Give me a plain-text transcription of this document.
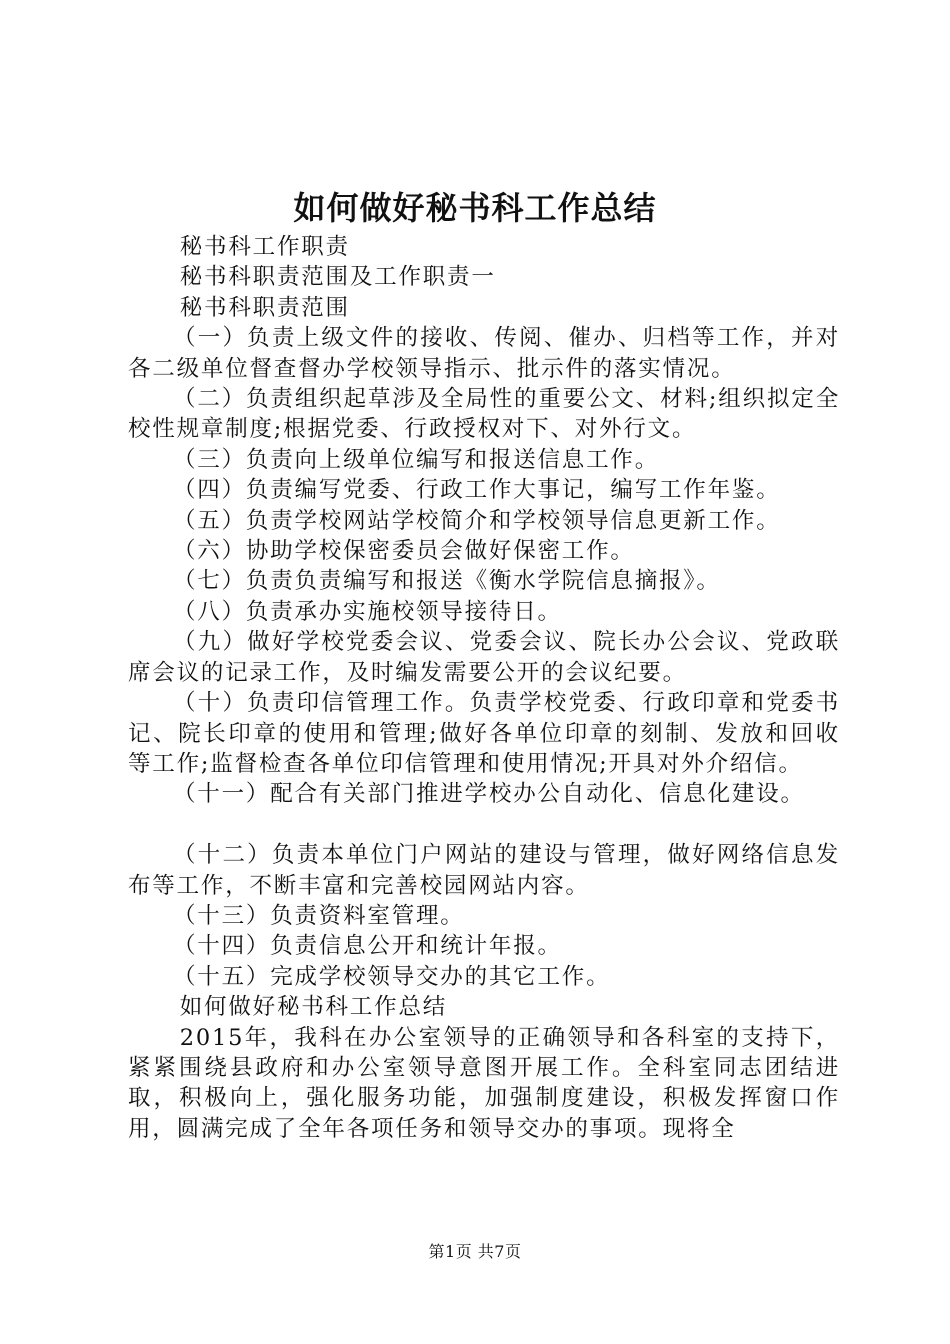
如何做好秘书科工作总结

秘书科工作职责

秘书科职责范围及工作职责一

秘书科职责范围

（一）负责上级文件的接收、传阅、催办、归档等工作，并对各二级单位督查督办学校领导指示、批示件的落实情况。

（二）负责组织起草涉及全局性的重要公文、材料;组织拟定全校性规章制度;根据党委、行政授权对下、对外行文。

（三）负责向上级单位编写和报送信息工作。

（四）负责编写党委、行政工作大事记，编写工作年鉴。

（五）负责学校网站学校简介和学校领导信息更新工作。

（六）协助学校保密委员会做好保密工作。

（七）负责负责编写和报送《衡水学院信息摘报》。

（八）负责承办实施校领导接待日。

（九）做好学校党委会议、党委会议、院长办公会议、党政联席会议的记录工作，及时编发需要公开的会议纪要。

（十）负责印信管理工作。负责学校党委、行政印章和党委书记、院长印章的使用和管理;做好各单位印章的刻制、发放和回收等工作;监督检查各单位印信管理和使用情况;开具对外介绍信。

（十一）配合有关部门推进学校办公自动化、信息化建设。

（十二）负责本单位门户网站的建设与管理，做好网络信息发布等工作，不断丰富和完善校园网站内容。

（十三）负责资料室管理。

（十四）负责信息公开和统计年报。

（十五）完成学校领导交办的其它工作。

如何做好秘书科工作总结

2015年，我科在办公室领导的正确领导和各科室的支持下，紧紧围绕县政府和办公室领导意图开展工作。全科室同志团结进取，积极向上，强化服务功能，加强制度建设，积极发挥窗口作用，圆满完成了全年各项任务和领导交办的事项。现将全

第1页 共7页
